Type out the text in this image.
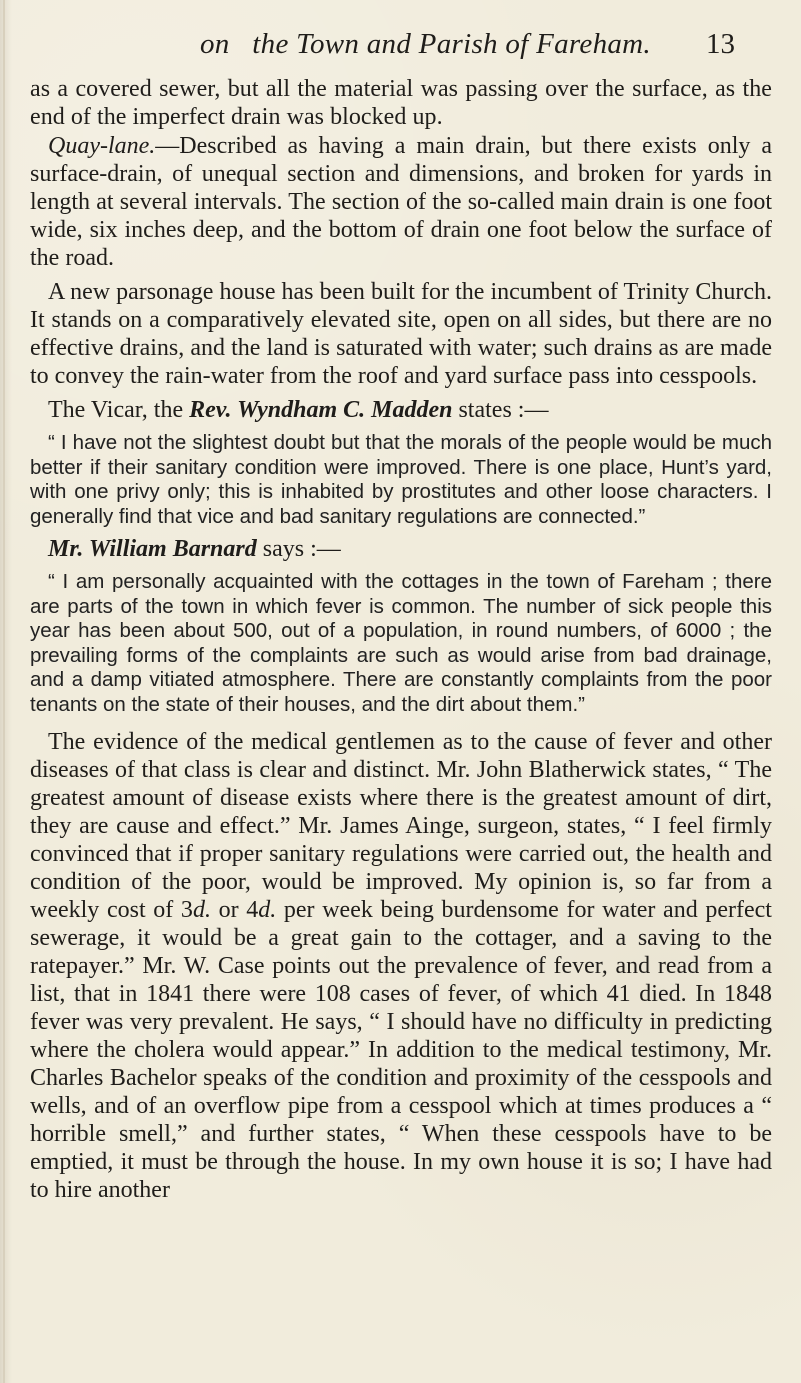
on the Town and Parish of Fareham. 13

as a covered sewer, but all the material was passing over the surface, as the end of the imperfect drain was blocked up.

Quay-lane.—Described as having a main drain, but there exists only a surface-drain, of unequal section and dimensions, and broken for yards in length at several intervals. The section of the so-called main drain is one foot wide, six inches deep, and the bottom of drain one foot below the surface of the road.

A new parsonage house has been built for the incumbent of Trinity Church. It stands on a comparatively elevated site, open on all sides, but there are no effective drains, and the land is saturated with water; such drains as are made to convey the rain-water from the roof and yard surface pass into cesspools.

The Vicar, the Rev. Wyndham C. Madden states :—

“ I have not the slightest doubt but that the morals of the people would be much better if their sanitary condition were improved. There is one place, Hunt’s yard, with one privy only; this is inhabited by prostitutes and other loose characters. I generally find that vice and bad sanitary regulations are connected.”

Mr. William Barnard says :—

“ I am personally acquainted with the cottages in the town of Fareham ; there are parts of the town in which fever is common. The number of sick people this year has been about 500, out of a population, in round numbers, of 6000 ; the prevailing forms of the complaints are such as would arise from bad drainage, and a damp vitiated atmosphere. There are constantly complaints from the poor tenants on the state of their houses, and the dirt about them.”

The evidence of the medical gentlemen as to the cause of fever and other diseases of that class is clear and distinct. Mr. John Blatherwick states, “ The greatest amount of disease exists where there is the greatest amount of dirt, they are cause and effect.” Mr. James Ainge, surgeon, states, “ I feel firmly convinced that if proper sanitary regulations were carried out, the health and condition of the poor, would be improved. My opinion is, so far from a weekly cost of 3d. or 4d. per week being burdensome for water and perfect sewerage, it would be a great gain to the cottager, and a saving to the ratepayer.” Mr. W. Case points out the prevalence of fever, and read from a list, that in 1841 there were 108 cases of fever, of which 41 died. In 1848 fever was very prevalent. He says, “ I should have no difficulty in predicting where the cholera would appear.” In addition to the medical testimony, Mr. Charles Bachelor speaks of the condition and proximity of the cesspools and wells, and of an overflow pipe from a cesspool which at times produces a “ horrible smell,” and further states, “ When these cesspools have to be emptied, it must be through the house. In my own house it is so; I have had to hire another
